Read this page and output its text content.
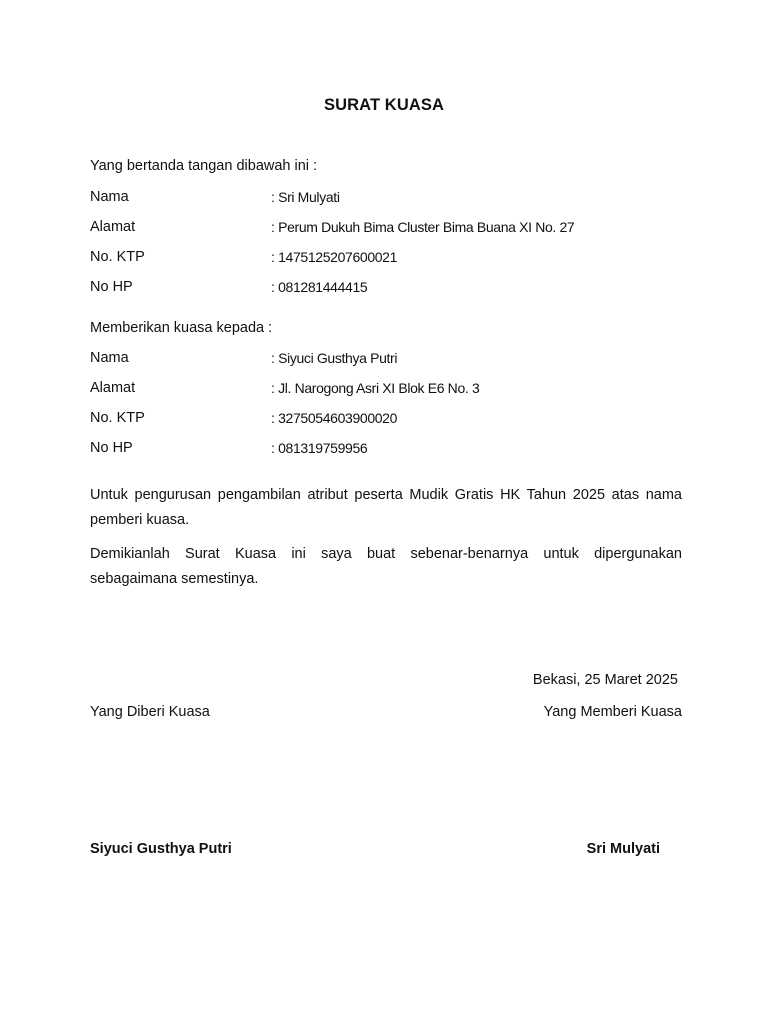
SURAT KUASA
Yang bertanda tangan dibawah ini :
Nama	: Sri Mulyati
Alamat	: Perum Dukuh Bima Cluster Bima Buana XI No. 27
No. KTP	: 1475125207600021
No HP	: 081281444415
Memberikan kuasa kepada :
Nama	: Siyuci Gusthya Putri
Alamat	: Jl. Narogong Asri XI Blok E6 No. 3
No. KTP	: 3275054603900020
No HP	: 081319759956
Untuk pengurusan pengambilan atribut peserta Mudik Gratis HK Tahun 2025 atas nama pemberi kuasa.
Demikianlah Surat Kuasa ini saya buat sebenar-benarnya untuk dipergunakan sebagaimana semestinya.
Bekasi, 25 Maret 2025
Yang Diberi Kuasa	Yang Memberi Kuasa
Siyuci Gusthya Putri	Sri Mulyati
